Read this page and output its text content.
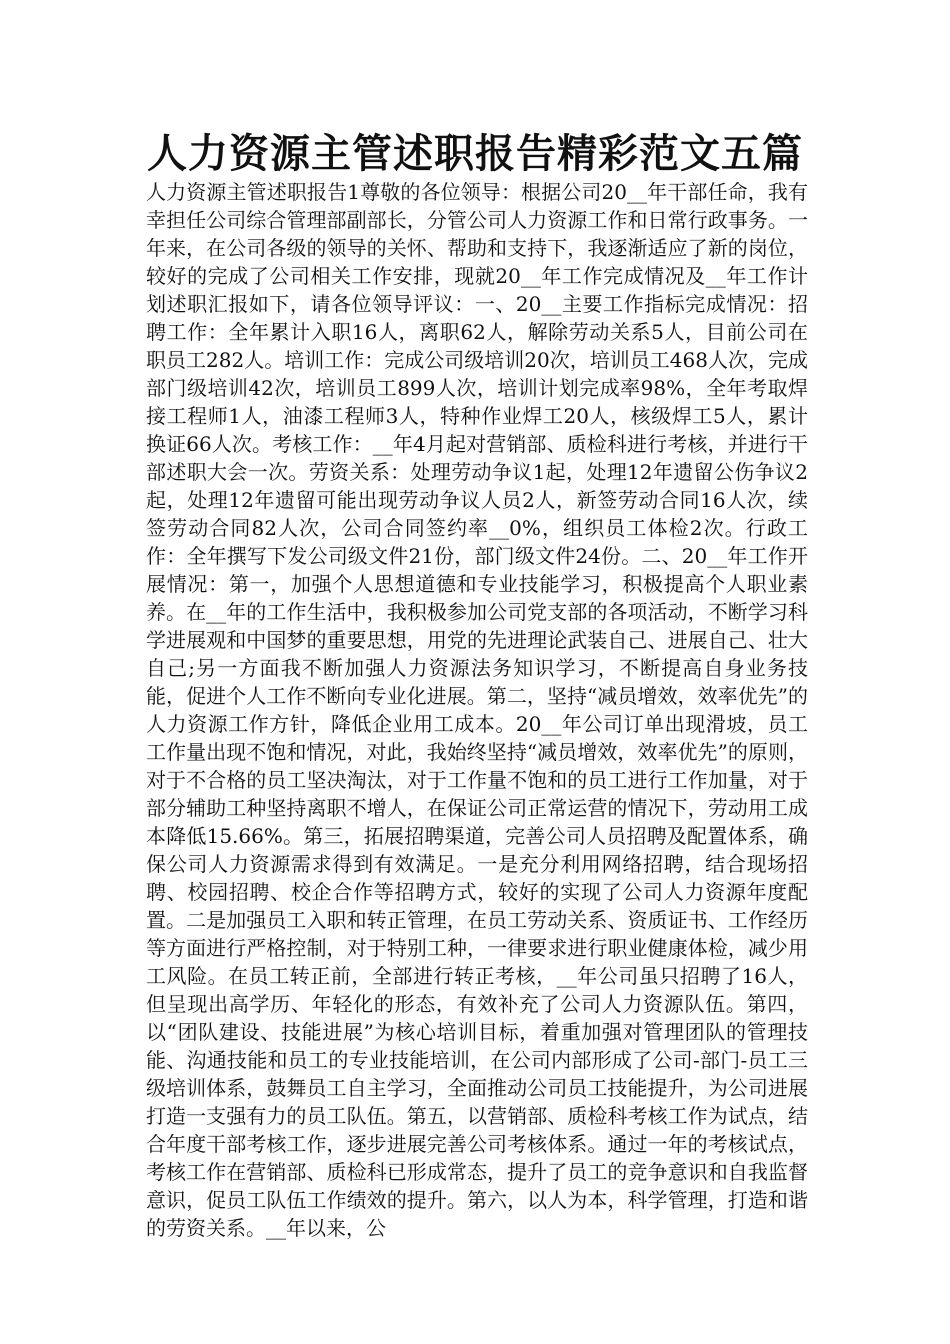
人力资源主管述职报告精彩范文五篇

人力资源主管述职报告1尊敬的各位领导：根据公司20__年干部任命，我有幸担任公司综合管理部副部长，分管公司人力资源工作和日常行政事务。一年来，在公司各级的领导的关怀、帮助和支持下，我逐渐适应了新的岗位，较好的完成了公司相关工作安排，现就20__年工作完成情况及__年工作计划述职汇报如下，请各位领导评议：一、20__主要工作指标完成情况：招聘工作：全年累计入职16人，离职62人，解除劳动关系5人，目前公司在职员工282人。培训工作：完成公司级培训20次，培训员工468人次，完成部门级培训42次，培训员工899人次，培训计划完成率98%，全年考取焊接工程师1人，油漆工程师3人，特种作业焊工20人，核级焊工5人，累计换证66人次。考核工作：__年4月起对营销部、质检科进行考核，并进行干部述职大会一次。劳资关系：处理劳动争议1起，处理12年遗留公伤争议2起，处理12年遗留可能出现劳动争议人员2人，新签劳动合同16人次，续签劳动合同82人次，公司合同签约率__0%，组织员工体检2次。行政工作：全年撰写下发公司级文件21份，部门级文件24份。二、20__年工作开展情况：第一，加强个人思想道德和专业技能学习，积极提高个人职业素养。在__年的工作生活中，我积极参加公司党支部的各项活动，不断学习科学进展观和中国梦的重要思想，用党的先进理论武装自己、进展自己、壮大自己;另一方面我不断加强人力资源法务知识学习，不断提高自身业务技能，促进个人工作不断向专业化进展。第二，坚持“减员增效，效率优先”的人力资源工作方针，降低企业用工成本。20__年公司订单出现滑坡，员工工作量出现不饱和情况，对此，我始终坚持“减员增效，效率优先”的原则，对于不合格的员工坚决淘汰，对于工作量不饱和的员工进行工作加量，对于部分辅助工种坚持离职不增人，在保证公司正常运营的情况下，劳动用工成本降低15.66%。第三，拓展招聘渠道，完善公司人员招聘及配置体系，确保公司人力资源需求得到有效满足。一是充分利用网络招聘，结合现场招聘、校园招聘、校企合作等招聘方式，较好的实现了公司人力资源年度配置。二是加强员工入职和转正管理，在员工劳动关系、资质证书、工作经历等方面进行严格控制，对于特别工种，一律要求进行职业健康体检，减少用工风险。在员工转正前，全部进行转正考核，__年公司虽只招聘了16人，但呈现出高学历、年轻化的形态，有效补充了公司人力资源队伍。第四，以“团队建设、技能进展”为核心培训目标，着重加强对管理团队的管理技能、沟通技能和员工的专业技能培训，在公司内部形成了公司-部门-员工三级培训体系，鼓舞员工自主学习，全面推动公司员工技能提升，为公司进展打造一支强有力的员工队伍。第五，以营销部、质检科考核工作为试点，结合年度干部考核工作，逐步进展完善公司考核体系。通过一年的考核试点，考核工作在营销部、质检科已形成常态，提升了员工的竞争意识和自我监督意识，促员工队伍工作绩效的提升。第六，以人为本，科学管理，打造和谐的劳资关系。__年以来，公
